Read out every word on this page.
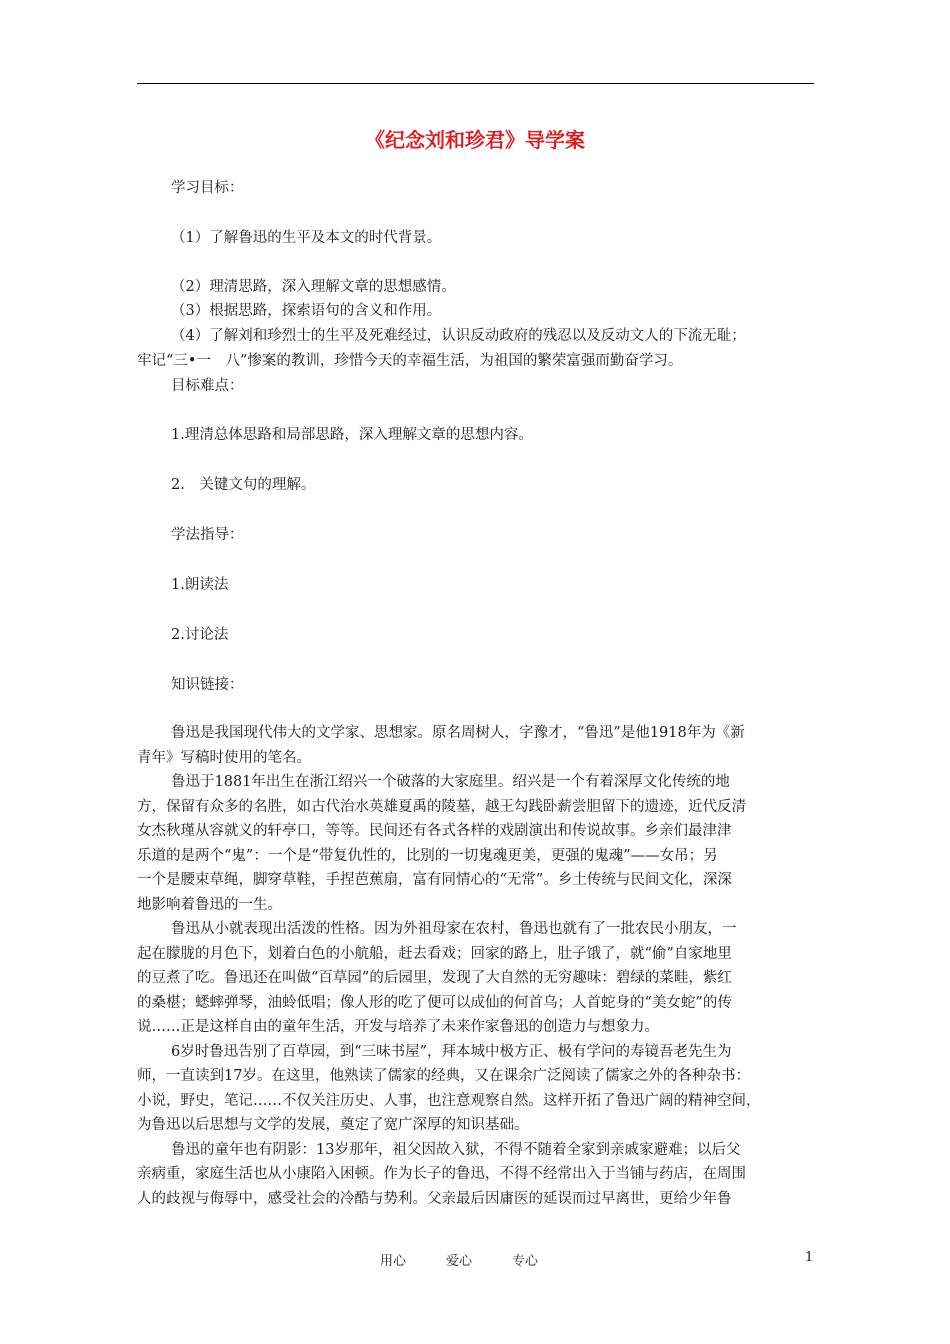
《纪念刘和珍君》导学案
学习目标：
（1）了解鲁迅的生平及本文的时代背景。
（2）理清思路，深入理解文章的思想感情。
（3）根据思路，探索语句的含义和作用。
（4）了解刘和珍烈士的生平及死难经过，认识反动政府的残忍以及反动文人的下流无耻；
牢记“三•一　八”惨案的教训，珍惜今天的幸福生活，为祖国的繁荣富强而勤奋学习。
目标难点：
1.理清总体思路和局部思路，深入理解文章的思想内容。
2.　关键文句的理解。
学法指导：
1.朗读法
2.讨论法
知识链接：
鲁迅是我国现代伟大的文学家、思想家。原名周树人，字豫才，“鲁迅”是他1918年为《新
青年》写稿时使用的笔名。
鲁迅于1881年出生在浙江绍兴一个破落的大家庭里。绍兴是一个有着深厚文化传统的地
方，保留有众多的名胜，如古代治水英雄夏禹的陵墓，越王勾践卧薪尝胆留下的遗迹，近代反清
女杰秋瑾从容就义的轩亭口，等等。民间还有各式各样的戏剧演出和传说故事。乡亲们最津津
乐道的是两个“鬼”：一个是“带复仇性的，比别的一切鬼魂更美，更强的鬼魂”——女吊；另
一个是腰束草绳，脚穿草鞋，手捏芭蕉扇，富有同情心的“无常”。乡土传统与民间文化，深深
地影响着鲁迅的一生。
鲁迅从小就表现出活泼的性格。因为外祖母家在农村，鲁迅也就有了一批农民小朋友，一
起在朦胧的月色下，划着白色的小航船，赶去看戏；回家的路上，肚子饿了，就“偷”自家地里
的豆煮了吃。鲁迅还在叫做“百草园”的后园里，发现了大自然的无穷趣味：碧绿的菜畦，紫红
的桑椹；蟋蟀弹琴，油蛉低唱；像人形的吃了便可以成仙的何首乌；人首蛇身的“美女蛇”的传
说……正是这样自由的童年生活，开发与培养了未来作家鲁迅的创造力与想象力。
6岁时鲁迅告别了百草园，到“三味书屋”，拜本城中极方正、极有学问的寿镜吾老先生为
师，一直读到17岁。在这里，他熟读了儒家的经典，又在课余广泛阅读了儒家之外的各种杂书：
小说，野史，笔记……不仅关注历史、人事，也注意观察自然。这样开拓了鲁迅广阔的精神空间，
为鲁迅以后思想与文学的发展，奠定了宽广深厚的知识基础。
鲁迅的童年也有阴影：13岁那年，祖父因故入狱，不得不随着全家到亲戚家避难；以后父
亲病重，家庭生活也从小康陷入困顿。作为长子的鲁迅，不得不经常出入于当铺与药店，在周围
人的歧视与侮辱中，感受社会的冷酷与势利。父亲最后因庸医的延误而过早离世，更给少年鲁
用心	爱心	专心	1
